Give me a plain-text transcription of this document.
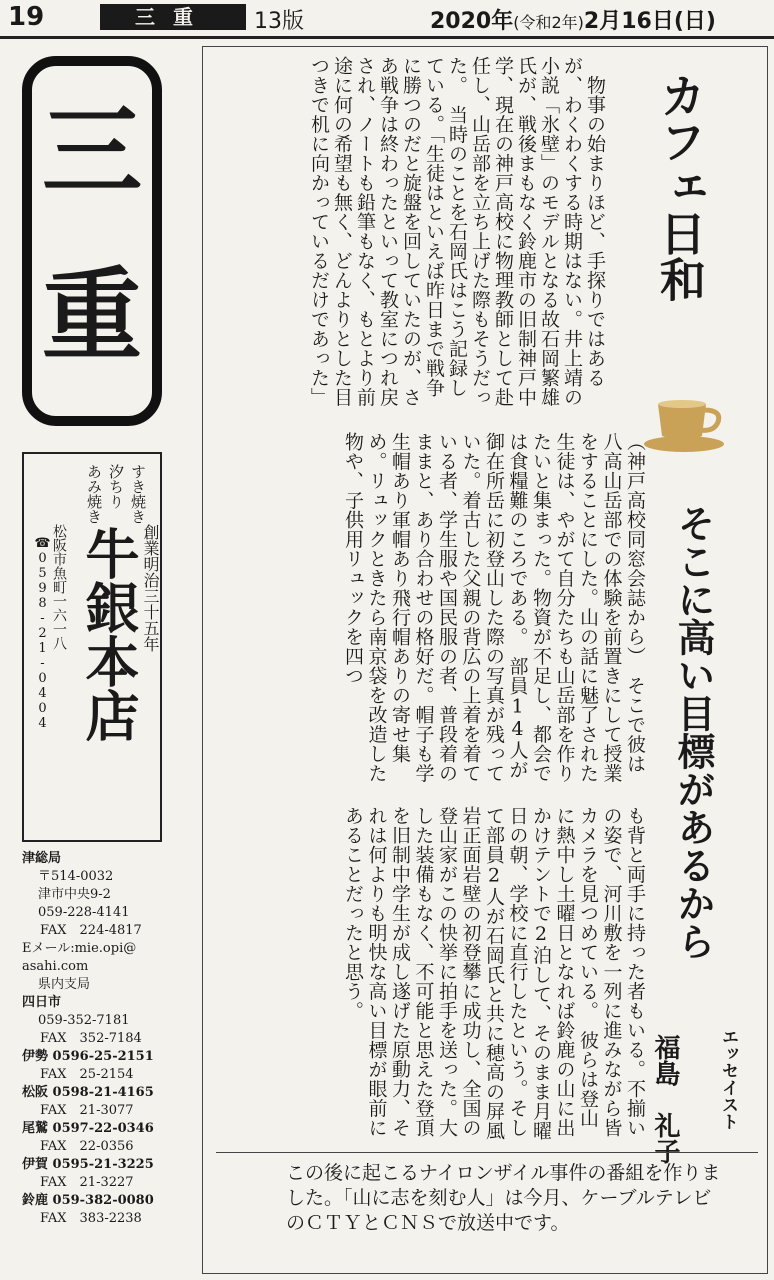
19	三重	13版	2020年(令和2年)2月16日(日)
三
重
すき焼き
汐ちり
あみ焼き
創業明治三十五年
牛銀本店
松阪市魚町一六一八
☎0598-21-0404
津総局
〒514-0032
津市中央9-2
059-228-4141
FAX　224-4817
Eメール:mie.opi@
asahi.com
県内支局
四日市
059-352-7181
FAX　352-7184
伊勢 0596-25-2151
FAX　25-2154
松阪 0598-21-4165
FAX　21-3077
尾鷲 0597-22-0346
FAX　22-0356
伊賀 0595-21-3225
FAX　21-3227
鈴鹿 059-382-0080
FAX　383-2238

　物事の始まりほど、手探りではあるが、わくわくする時期はない。井上靖の小説「氷壁」のモデルとなる故石岡繁雄氏が、戦後まもなく鈴鹿市の旧制神戸中学、現在の神戸高校に物理教師として赴任し、山岳部を立ち上げた際もそうだった。　当時のことを石岡氏はこう記録している。「生徒はといえば昨日まで戦争に勝つのだと旋盤を回していたのが、さあ戦争は終わったといって教室につれ戻され、ノートも鉛筆もなく、もとより前途に何の希望も無く、どんよりとした目つきで机に向かっているだけであった」	カフェ日和

（神戸高校同窓会誌から）　そこで彼は八高山岳部での体験を前置きにして授業をすることにした。山の話に魅了された生徒は、やがて自分たちも山岳部を作りたいと集まった。物資が不足し、都会では食糧難のころである。　部員14人が御在所岳に初登山した際の写真が残っていた。着古した父親の背広の上着を着ている者、学生服や国民服の者、普段着のままと、あり合わせの格好だ。帽子も学生帽あり軍帽あり飛行帽ありの寄せ集め。リュックときたら南京袋を改造した物や、子供用リュックを四つ	そこに高い目標があるから

も背と両手に持った者もいる。不揃いの姿で、河川敷を一列に進みながら皆カメラを見つめている。　彼らは登山に熱中し土曜日となれば鈴鹿の山に出かけテントで2泊して、そのまま月曜日の朝、学校に直行したという。そして部員2人が石岡氏と共に穂高の屏風岩正面岩壁の初登攀に成功し、全国の登山家がこの快挙に拍手を送った。大した装備もなく、不可能と思えた登頂を旧制中学生が成し遂げた原動力、それは何よりも明快な高い目標が眼前にあることだったと思う。

エッセイスト
福島　礼子

この後に起こるナイロンザイル事件の番組を作りました。「山に志を刻む人」は今月、ケーブルテレビのＣＴＹとＣＮＳで放送中です。
